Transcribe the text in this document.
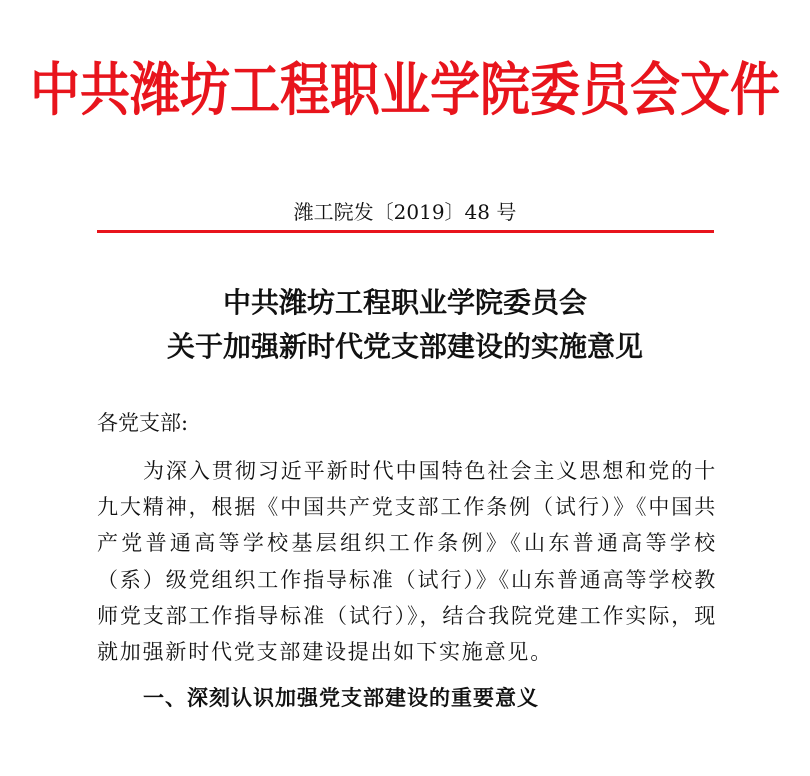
中共潍坊工程职业学院委员会文件
潍工院发〔2019〕48 号
中共潍坊工程职业学院委员会
关于加强新时代党支部建设的实施意见
各党支部:

为深入贯彻习近平新时代中国特色社会主义思想和党的十九大精神，根据《中国共产党支部工作条例（试行）》《中国共产党普通高等学校基层组织工作条例》《山东普通高等学校（系）级党组织工作指导标准（试行）》《山东普通高等学校教师党支部工作指导标准（试行）》，结合我院党建工作实际，现就加强新时代党支部建设提出如下实施意见。

一、深刻认识加强党支部建设的重要意义
